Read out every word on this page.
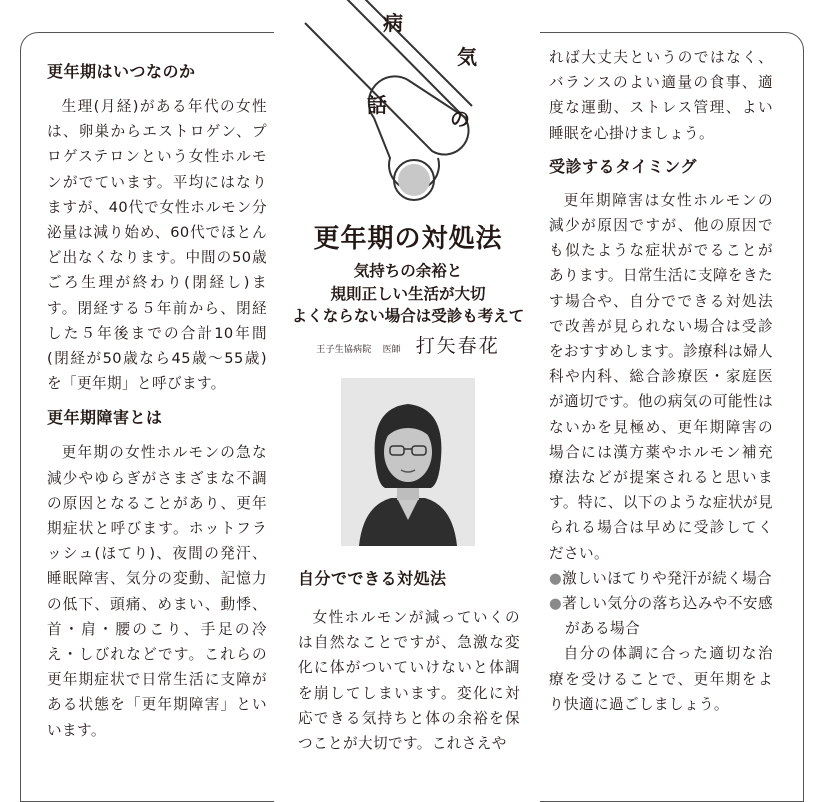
病
気
の
話
更年期の対処法

気持ちの余裕と

規則正しい生活が大切

よくならない場合は受診も考えて

王子生協病院 医師 打矢春花
更年期はいつなのか

生理(月経)がある年代の女性は、卵巣からエストロゲン、プロゲステロンという女性ホルモンがでています。平均にはなりますが、40代で女性ホルモン分泌量は減り始め、60代でほとんど出なくなります。中間の50歳ごろ生理が終わり(閉経し)ます。閉経する５年前から、閉経した５年後までの合計10年間(閉経が50歳なら45歳～55歳)を「更年期」と呼びます。

更年期障害とは

更年期の女性ホルモンの急な減少やゆらぎがさまざまな不調の原因となることがあり、更年期症状と呼びます。ホットフラッシュ(ほてり)、夜間の発汗、睡眠障害、気分の変動、記憶力の低下、頭痛、めまい、動悸、首・肩・腰のこり、手足の冷え・しびれなどです。これらの更年期症状で日常生活に支障がある状態を「更年期障害」といいます。

自分でできる対処法

女性ホルモンが減っていくのは自然なことですが、急激な変化に体がついていけないと体調を崩してしまいます。変化に対応できる気持ちと体の余裕を保つことが大切です。これさえや

れば大丈夫というのではなく、バランスのよい適量の食事、適度な運動、ストレス管理、よい睡眠を心掛けましょう。

受診するタイミング

更年期障害は女性ホルモンの減少が原因ですが、他の原因でも似たような症状がでることがあります。日常生活に支障をきたす場合や、自分でできる対処法で改善が見られない場合は受診をおすすめします。診療科は婦人科や内科、総合診療医・家庭医が適切です。他の病気の可能性はないかを見極め、更年期障害の場合には漢方薬やホルモン補充療法などが提案されると思います。特に、以下のような症状が見られる場合は早めに受診してください。

●激しいほてりや発汗が続く場合

●著しい気分の落ち込みや不安感がある場合

自分の体調に合った適切な治療を受けることで、更年期をより快適に過ごしましょう。
